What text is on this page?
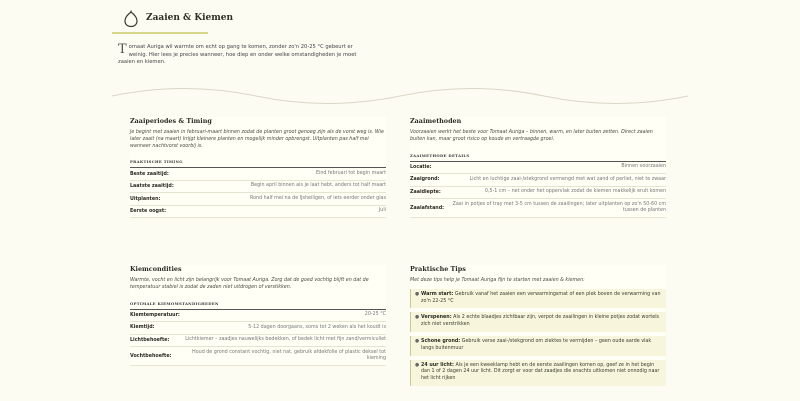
Zaaien & Kiemen
Tomaat Auriga wil warmte om echt op gang te komen, zonder zo'n 20-25 °C gebeurt er weinig. Hier lees je precies wanneer, hoe diep en onder welke omstandigheden je moet zaaien en kiemen.
Zaaiperiodes & Timing
Je begint met zaaien in februari-maart binnen zodat de planten groot genoeg zijn als de vorst weg is. Wie later zaait (na maart) krijgt kleinere planten en mogelijk minder opbrengst. Uitplanten pas half mei wanneer nachtvorst voorbij is.
PRAKTISCHE TIMING
Beste zaaitijd:	Eind februari tot begin maart
Laatste zaaitijd:	Begin april binnen als je laat hebt, anders tot half maart
Uitplanten:	Rond half mei na de IJsheiligen, of iets eerder onder glas
Eerste oogst:	Juli
Zaaimethoden
Voorzaaien werkt het beste voor Tomaat Auriga – binnen, warm, en later buiten zetten. Direct zaaien buiten kan, maar groot risico op koude en vertraagde groei.
ZAAIMETHODE DETAILS
Locatie:	Binnen voorzaaien
Zaaigrond:	Licht en luchtige zaai-/stekgrond vermengd met wat zand of perliet, niet te zwaar
Zaaidiepte:	0,5-1 cm – net onder het oppervlak zodat de kiemen makkelijk eruit komen
Zaaiafstand:
Zaai in potjes of tray met 3-5 cm tussen de zaailingen; later uitplanten op zo'n 50-60 cm tussen de planten
Kiemcondities
Warmte, vocht en licht zijn belangrijk voor Tomaat Auriga. Zorg dat de goed vochtig blijft en dat de temperatuur stabiel is zodat de zaden niet uitdrogen of verstikken.
OPTIMALE KIEMOMSTANDIGHEDEN
Kiemtemperatuur:	20-25 °C
Kiemtijd:	5-12 dagen doorgaans, soms tot 2 weken als het koudt is
Lichtbehoefte:	Lichtkiemer – zaadjes nauwelijks bedekken, of bedek licht met fijn zand/vermiculiet
Vochtbehoefte:
Houd de grond constant vochtig, niet nat, gebruik afdekfolie of plastic deksel tot kieming
Praktische Tips
Met deze tips help je Tomaat Auriga fijn te starten met zaaien & kiemen:
● Warm start: Gebruik vanaf het zaaien een verwarmingsmat of een plek boven de verwarming van zo'n 22-25 °C
● Verspenen: Als 2 echte blaadjes zichtbaar zijn, verpot de zaailingen in kleine potjes zodat wortels zich niet verstrikken
● Schone grond: Gebruik verse zaai-/stekgrond om ziektes te vermijden – geen oude aarde vlak langs buitenmuur
● 24 uur licht: Als je een kweeklamp hebt en de eerste zaailingen komen op, geef ze in het begin dan 1 of 2 dagen 24 uur licht. Dit zorgt er voor dat zaadjes die snachts uitkomen niet onnodig naar het licht rijken
